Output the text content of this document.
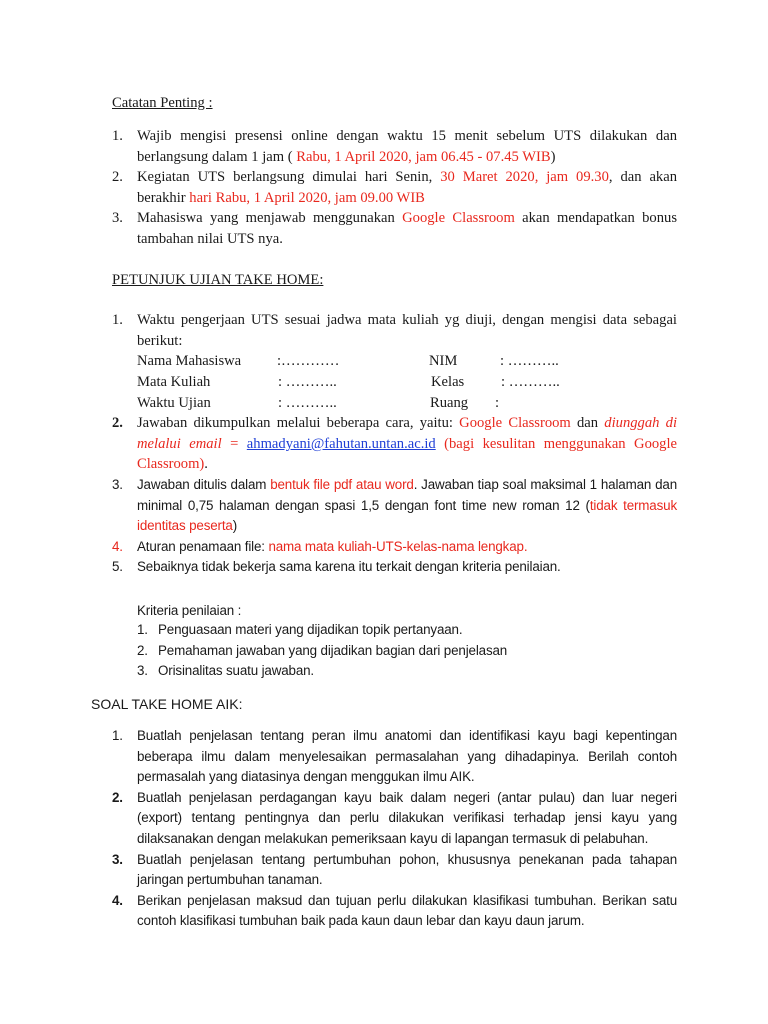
Catatan Penting :
1. Wajib mengisi presensi online dengan waktu 15 menit sebelum UTS dilakukan dan berlangsung dalam 1 jam ( Rabu, 1 April 2020, jam 06.45 - 07.45 WIB)
2. Kegiatan UTS berlangsung dimulai hari Senin, 30 Maret 2020, jam 09.30, dan akan berakhir hari Rabu, 1 April 2020, jam 09.00 WIB
3. Mahasiswa yang menjawab menggunakan Google Classroom akan mendapatkan bonus tambahan nilai UTS nya.
PETUNJUK UJIAN TAKE HOME:
1. Waktu pengerjaan UTS sesuai jadwa mata kuliah yg diuji, dengan mengisi data sebagai berikut:
Nama Mahasiswa :…………	NIM	: ………..
Mata Kuliah	: ………..	Kelas	: ………..
Waktu Ujian	: ………..	Ruang :
2. Jawaban dikumpulkan melalui beberapa cara, yaitu: Google Classroom dan diunggah di melalui email = ahmadyani@fahutan.untan.ac.id (bagi kesulitan menggunakan Google Classroom).
3. Jawaban ditulis dalam bentuk file pdf atau word. Jawaban tiap soal maksimal 1 halaman dan minimal 0,75 halaman dengan spasi 1,5 dengan font time new roman 12 (tidak termasuk identitas peserta)
4. Aturan penamaan file: nama mata kuliah-UTS-kelas-nama lengkap.
5. Sebaiknya tidak bekerja sama karena itu terkait dengan kriteria penilaian.
Kriteria penilaian :
1. Penguasaan materi yang dijadikan topik pertanyaan.
2. Pemahaman jawaban yang dijadikan bagian dari penjelasan
3. Orisinalitas suatu jawaban.
SOAL TAKE HOME AIK:
1. Buatlah penjelasan tentang peran ilmu anatomi dan identifikasi kayu bagi kepentingan beberapa ilmu dalam menyelesaikan permasalahan yang dihadapinya. Berilah contoh permasalah yang diatasinya dengan menggukan ilmu AIK.
2. Buatlah penjelasan perdagangan kayu baik dalam negeri (antar pulau) dan luar negeri (export) tentang pentingnya dan perlu dilakukan verifikasi terhadap jensi kayu yang dilaksanakan dengan melakukan pemeriksaan kayu di lapangan termasuk di pelabuhan.
3. Buatlah penjelasan tentang pertumbuhan pohon, khususnya penekanan pada tahapan jaringan pertumbuhan tanaman.
4. Berikan penjelasan maksud dan tujuan perlu dilakukan klasifikasi tumbuhan. Berikan satu contoh klasifikasi tumbuhan baik pada kaun daun lebar dan kayu daun jarum.
